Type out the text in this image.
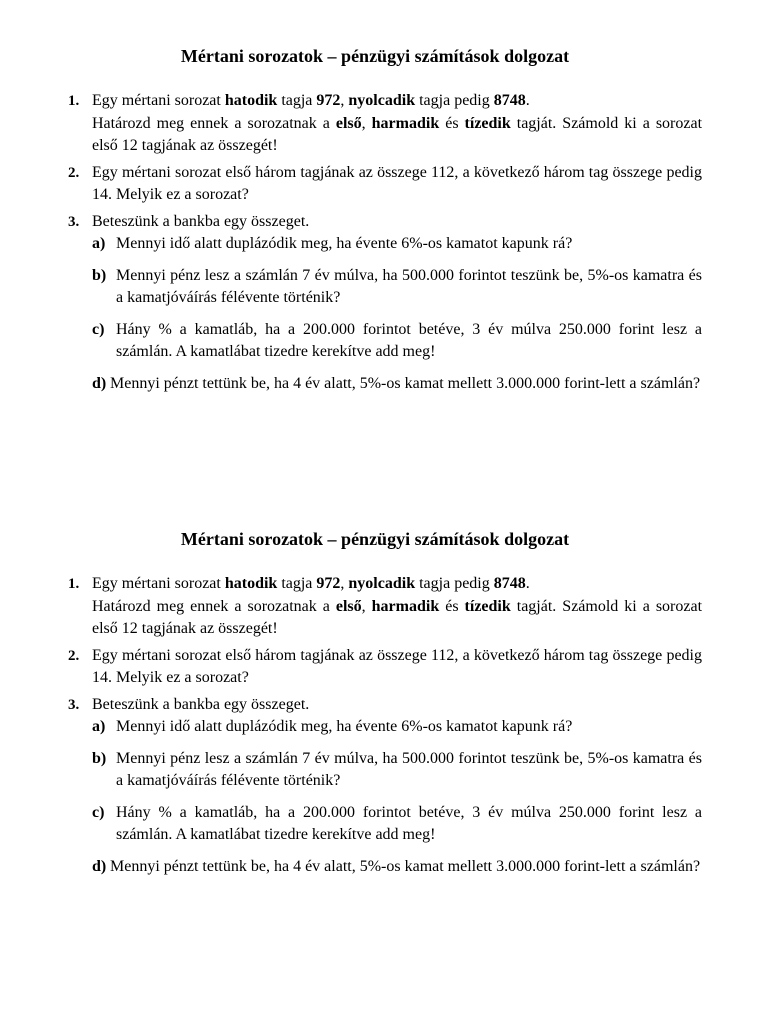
Mértani sorozatok – pénzügyi számítások dolgozat
1. Egy mértani sorozat hatodik tagja 972, nyolcadik tagja pedig 8748.
Határozd meg ennek a sorozatnak a első, harmadik és tízedik tagját. Számold ki a sorozat első 12 tagjának az összegét!
2. Egy mértani sorozat első három tagjának az összege 112, a következő három tag összege pedig 14. Melyik ez a sorozat?
3. Beteszünk a bankba egy összeget.
a) Mennyi idő alatt duplázódik meg, ha évente 6%-os kamatot kapunk rá?
b) Mennyi pénz lesz a számlán 7 év múlva, ha 500.000 forintot teszünk be, 5%-os kamatra és a kamatjóváírás félévente történik?
c) Hány % a kamatláb, ha a 200.000 forintot betéve, 3 év múlva 250.000 forint lesz a számlán. A kamatlábat tizedre kerekítve add meg!
d) Mennyi pénzt tettünk be, ha 4 év alatt, 5%-os kamat mellett 3.000.000 forint-lett a számlán?
Mértani sorozatok – pénzügyi számítások dolgozat
1. Egy mértani sorozat hatodik tagja 972, nyolcadik tagja pedig 8748.
Határozd meg ennek a sorozatnak a első, harmadik és tízedik tagját. Számold ki a sorozat első 12 tagjának az összegét!
2. Egy mértani sorozat első három tagjának az összege 112, a következő három tag összege pedig 14. Melyik ez a sorozat?
3. Beteszünk a bankba egy összeget.
a) Mennyi idő alatt duplázódik meg, ha évente 6%-os kamatot kapunk rá?
b) Mennyi pénz lesz a számlán 7 év múlva, ha 500.000 forintot teszünk be, 5%-os kamatra és a kamatjóváírás félévente történik?
c) Hány % a kamatláb, ha a 200.000 forintot betéve, 3 év múlva 250.000 forint lesz a számlán. A kamatlábat tizedre kerekítve add meg!
d) Mennyi pénzt tettünk be, ha 4 év alatt, 5%-os kamat mellett 3.000.000 forint-lett a számlán?
